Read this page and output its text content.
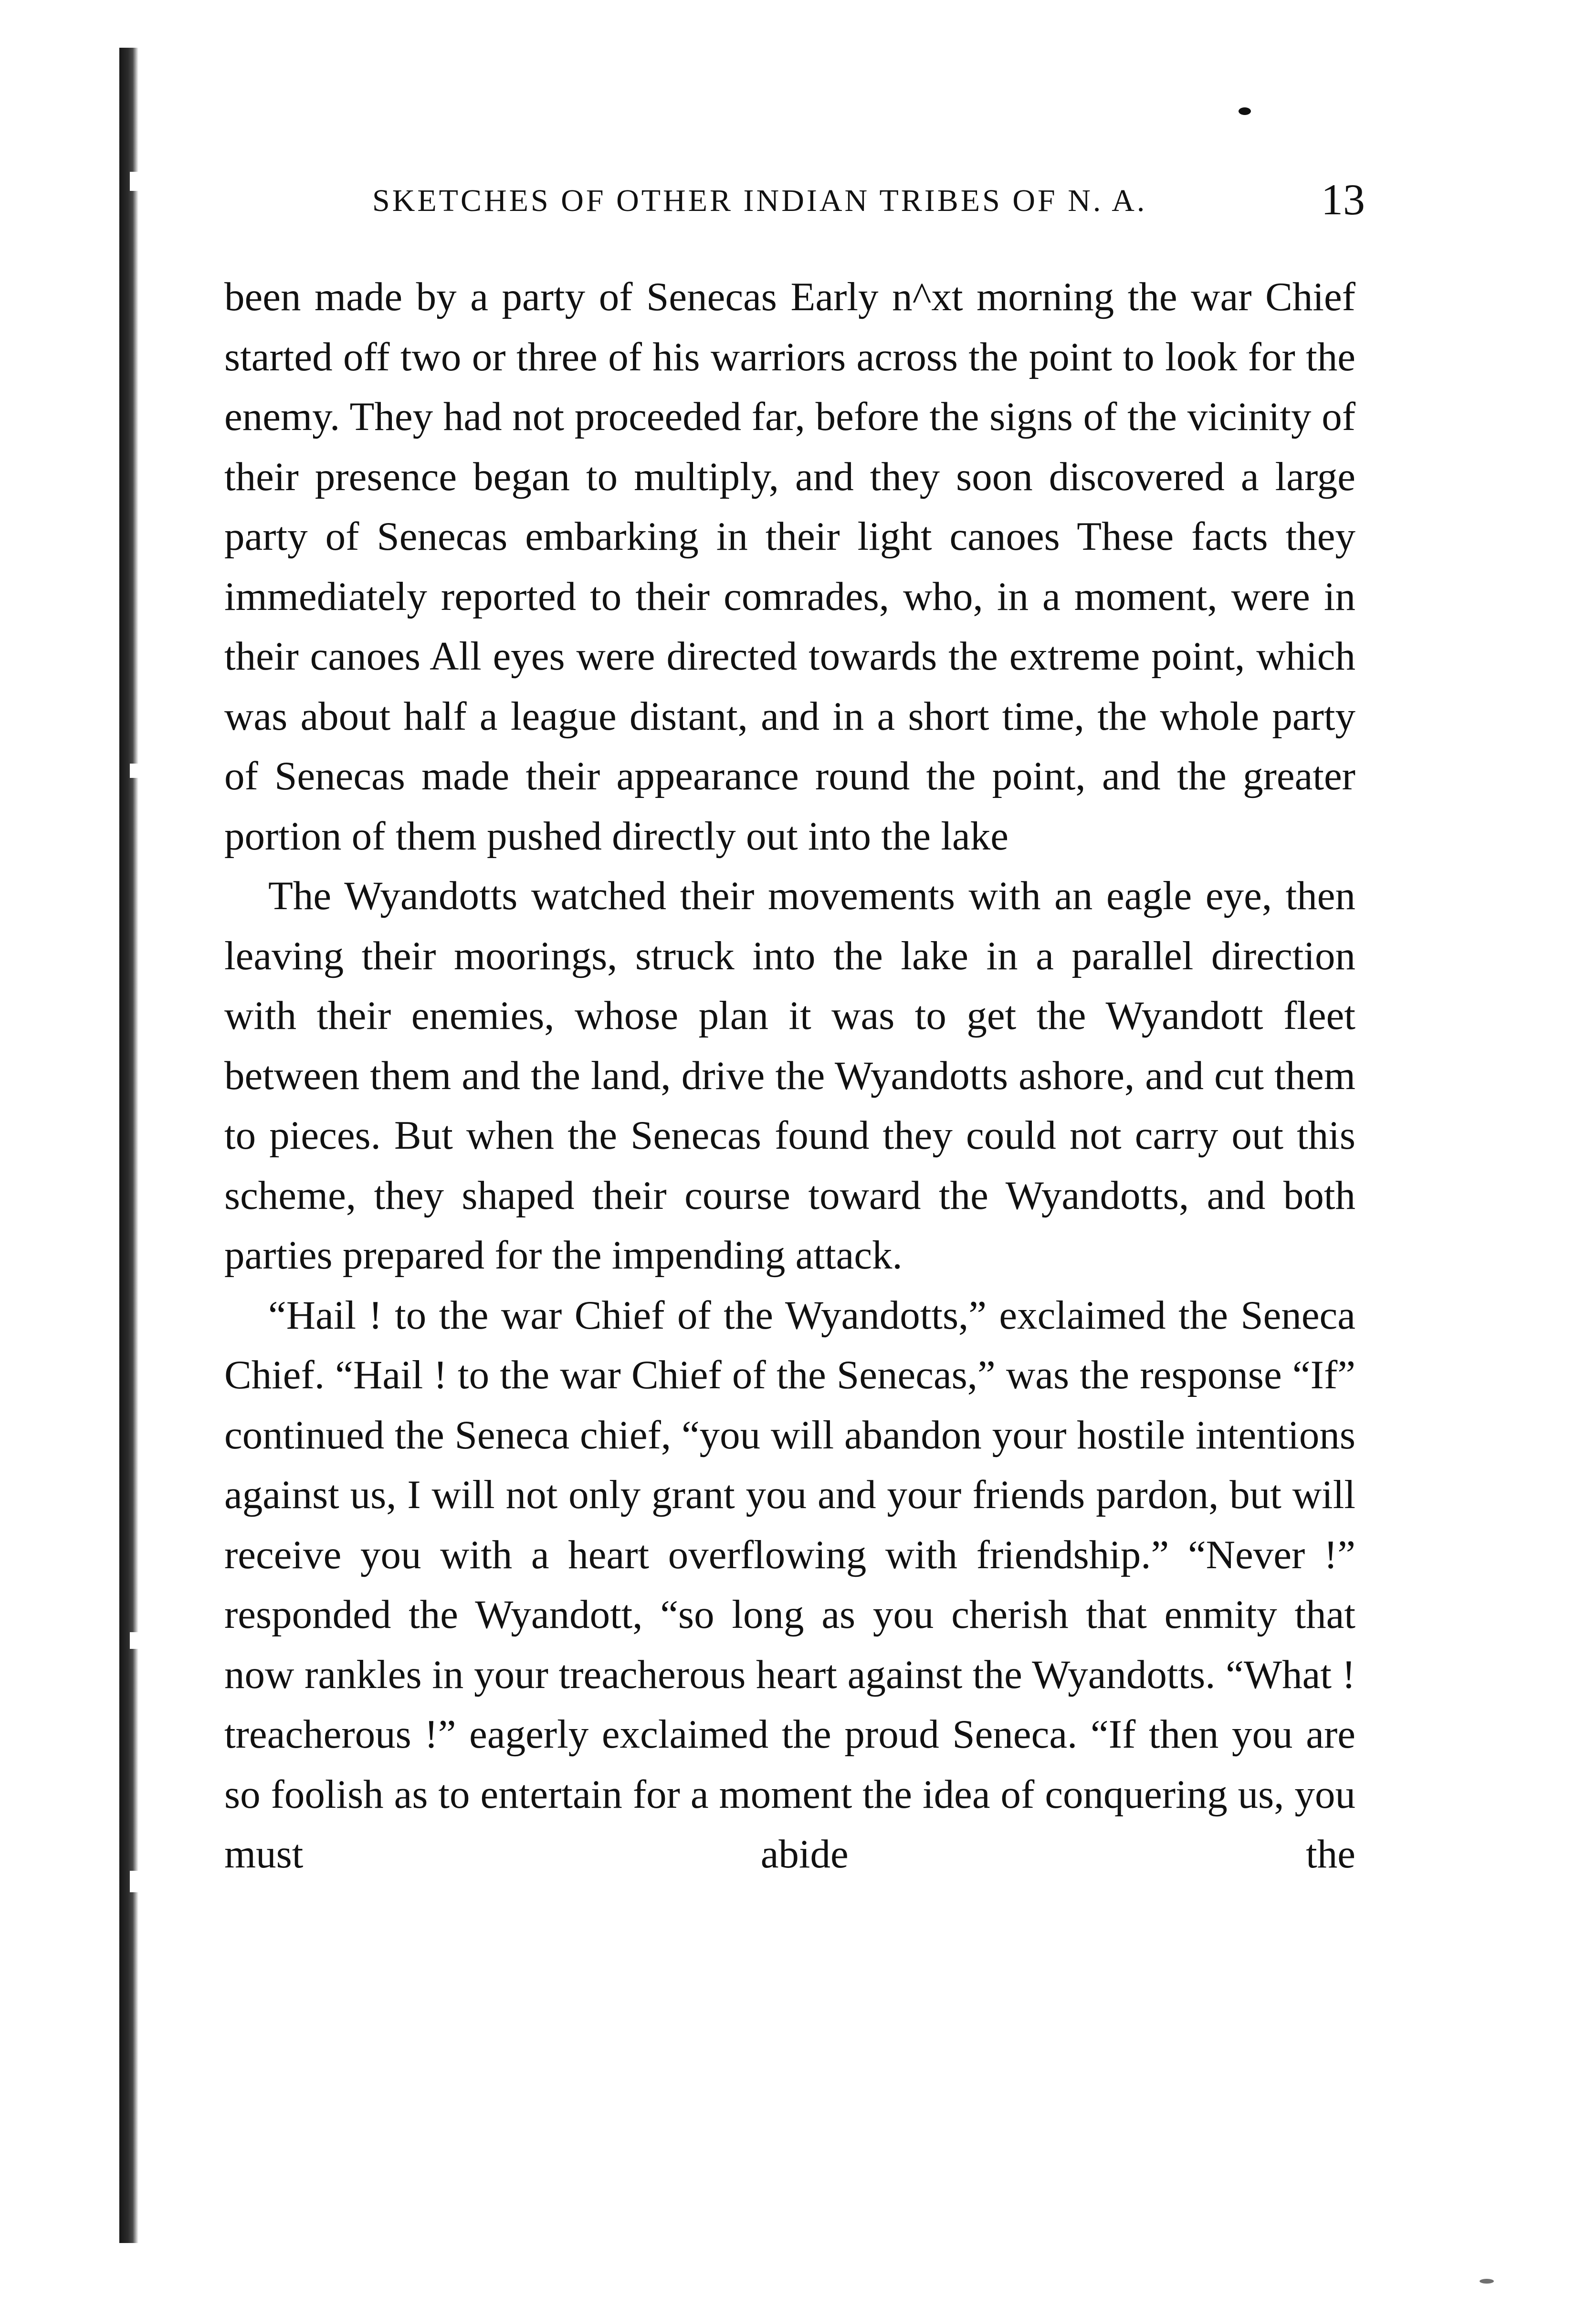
SKETCHES OF OTHER INDIAN TRIBES OF N. A.	13

been made by a party of Senecas Early n^xt morning the war Chief started off two or three of his warriors across the point to look for the enemy. They had not proceeded far, before the signs of the vicinity of their presence began to multiply, and they soon discovered a large party of Senecas embarking in their light canoes These facts they immediately reported to their comrades, who, in a moment, were in their canoes All eyes were directed towards the extreme point, which was about half a league distant, and in a short time, the whole party of Senecas made their appearance round the point, and the greater portion of them pushed directly out into the lake

The Wyandotts watched their movements with an eagle eye, then leaving their moorings, struck into the lake in a parallel direction with their enemies, whose plan it was to get the Wyandott fleet between them and the land, drive the Wyandotts ashore, and cut them to pieces. But when the Senecas found they could not carry out this scheme, they shaped their course toward the Wyandotts, and both parties prepared for the impending attack.

“Hail ! to the war Chief of the Wyandotts,” exclaimed the Seneca Chief. “Hail ! to the war Chief of the Senecas,” was the response “If” continued the Seneca chief, “you will abandon your hostile intentions against us, I will not only grant you and your friends pardon, but will receive you with a heart overflowing with friendship.” “Never !” responded the Wyandott, “so long as you cherish that enmity that now rankles in your treacherous heart against the Wyandotts. “What ! treacherous !” eagerly exclaimed the proud Seneca. “If then you are so foolish as to entertain for a moment the idea of conquering us, you must abide the
